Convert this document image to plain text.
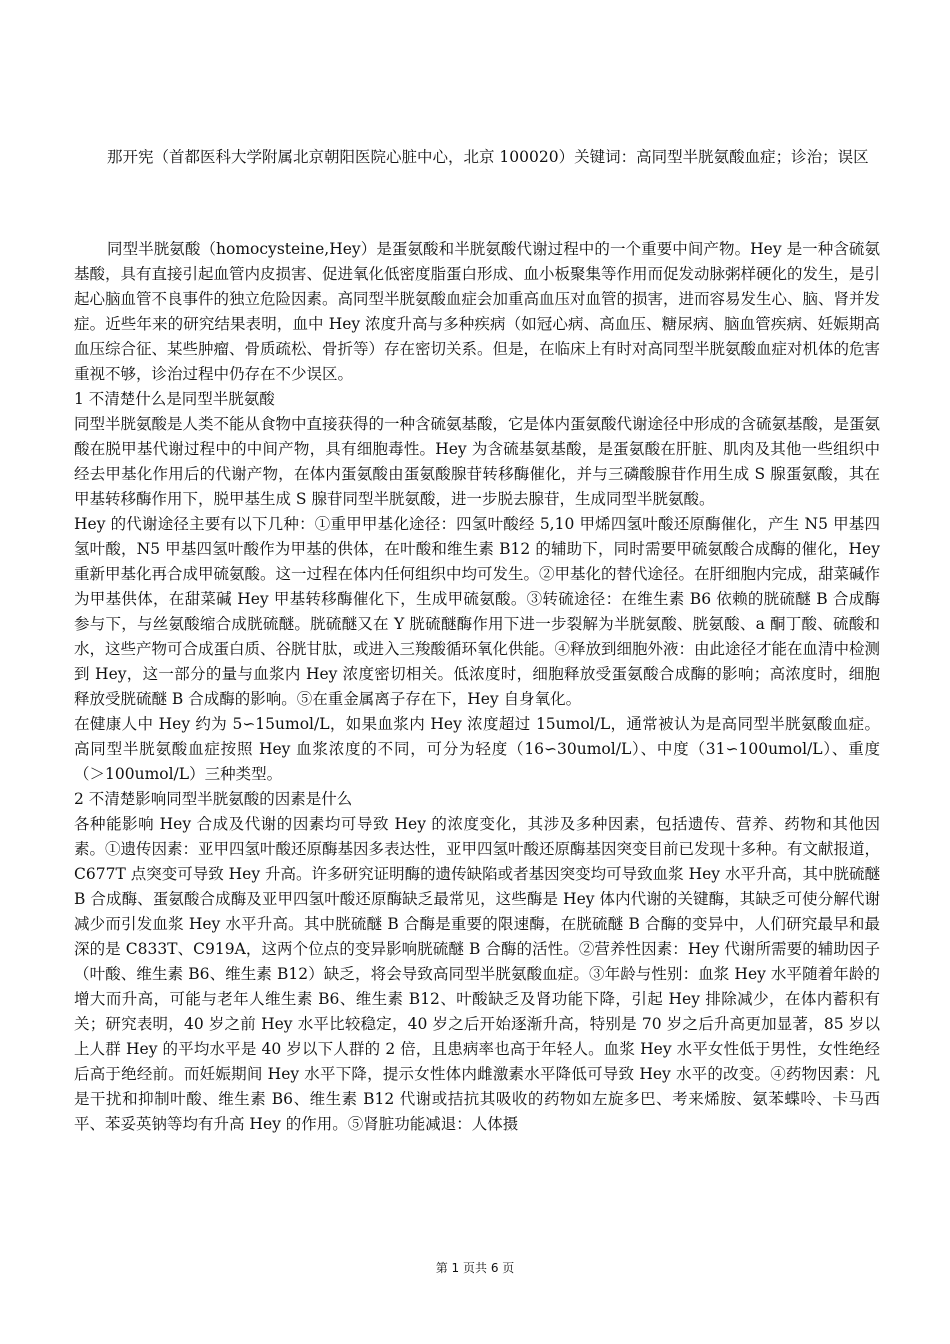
那开宪（首都医科大学附属北京朝阳医院心脏中心，北京 100020）关键词：高同型半胱氨酸血症；诊治；误区

同型半胱氨酸（homocysteine,Hey）是蛋氨酸和半胱氨酸代谢过程中的一个重要中间产物。Hey 是一种含硫氨基酸，具有直接引起血管内皮损害、促进氧化低密度脂蛋白形成、血小板聚集等作用而促发动脉粥样硬化的发生，是引起心脑血管不良事件的独立危险因素。高同型半胱氨酸血症会加重高血压对血管的损害，进而容易发生心、脑、肾并发症。近些年来的研究结果表明，血中 Hey 浓度升高与多种疾病（如冠心病、高血压、糖尿病、脑血管疾病、妊娠期高血压综合征、某些肿瘤、骨质疏松、骨折等）存在密切关系。但是，在临床上有时对高同型半胱氨酸血症对机体的危害重视不够，诊治过程中仍存在不少误区。

1 不清楚什么是同型半胱氨酸

同型半胱氨酸是人类不能从食物中直接获得的一种含硫氨基酸，它是体内蛋氨酸代谢途径中形成的含硫氨基酸，是蛋氨酸在脱甲基代谢过程中的中间产物，具有细胞毒性。Hey 为含硫基氨基酸，是蛋氨酸在肝脏、肌肉及其他一些组织中经去甲基化作用后的代谢产物，在体内蛋氨酸由蛋氨酸腺苷转移酶催化，并与三磷酸腺苷作用生成 S 腺蛋氨酸，其在甲基转移酶作用下，脱甲基生成 S 腺苷同型半胱氨酸，进一步脱去腺苷，生成同型半胱氨酸。

Hey 的代谢途径主要有以下几种：①重甲甲基化途径：四氢叶酸经 5,10 甲烯四氢叶酸还原酶催化，产生 N5 甲基四氢叶酸，N5 甲基四氢叶酸作为甲基的供体，在叶酸和维生素 B12 的辅助下，同时需要甲硫氨酸合成酶的催化，Hey 重新甲基化再合成甲硫氨酸。这一过程在体内任何组织中均可发生。②甲基化的替代途径。在肝细胞内完成，甜菜碱作为甲基供体，在甜菜碱 Hey 甲基转移酶催化下，生成甲硫氨酸。③转硫途径：在维生素 B6 依赖的胱硫醚 B 合成酶参与下，与丝氨酸缩合成胱硫醚。胱硫醚又在 Y 胱硫醚酶作用下进一步裂解为半胱氨酸、胱氨酸、a 酮丁酸、硫酸和水，这些产物可合成蛋白质、谷胱甘肽，或进入三羧酸循环氧化供能。④释放到细胞外液：由此途径才能在血清中检测到 Hey，这一部分的量与血浆内 Hey 浓度密切相关。低浓度时，细胞释放受蛋氨酸合成酶的影响；高浓度时，细胞释放受胱硫醚 B 合成酶的影响。⑤在重金属离子存在下，Hey 自身氧化。

在健康人中 Hey 约为 5∽15umol/L，如果血浆内 Hey 浓度超过 15umol/L，通常被认为是高同型半胱氨酸血症。高同型半胱氨酸血症按照 Hey 血浆浓度的不同，可分为轻度（16∽30umol/L）、中度（31∽100umol/L）、重度（＞100umol/L）三种类型。

2 不清楚影响同型半胱氨酸的因素是什么

各种能影响 Hey 合成及代谢的因素均可导致 Hey 的浓度变化，其涉及多种因素，包括遗传、营养、药物和其他因素。①遗传因素：亚甲四氢叶酸还原酶基因多表达性，亚甲四氢叶酸还原酶基因突变目前已发现十多种。有文献报道，C677T 点突变可导致 Hey 升高。许多研究证明酶的遗传缺陷或者基因突变均可导致血浆 Hey 水平升高，其中胱硫醚 B 合成酶、蛋氨酸合成酶及亚甲四氢叶酸还原酶缺乏最常见，这些酶是 Hey 体内代谢的关键酶，其缺乏可使分解代谢减少而引发血浆 Hey 水平升高。其中胱硫醚 B 合酶是重要的限速酶，在胱硫醚 B 合酶的变异中，人们研究最早和最深的是 C833T、C919A，这两个位点的变异影响胱硫醚 B 合酶的活性。②营养性因素：Hey 代谢所需要的辅助因子（叶酸、维生素 B6、维生素 B12）缺乏，将会导致高同型半胱氨酸血症。③年龄与性别：血浆 Hey 水平随着年龄的增大而升高，可能与老年人维生素 B6、维生素 B12、叶酸缺乏及肾功能下降，引起 Hey 排除减少，在体内蓄积有关；研究表明，40 岁之前 Hey 水平比较稳定，40 岁之后开始逐渐升高，特别是 70 岁之后升高更加显著，85 岁以上人群 Hey 的平均水平是 40 岁以下人群的 2 倍，且患病率也高于年轻人。血浆 Hey 水平女性低于男性，女性绝经后高于绝经前。而妊娠期间 Hey 水平下降，提示女性体内雌激素水平降低可导致 Hey 水平的改变。④药物因素：凡是干扰和抑制叶酸、维生素 B6、维生素 B12 代谢或拮抗其吸收的药物如左旋多巴、考来烯胺、氨苯蝶呤、卡马西平、苯妥英钠等均有升高 Hey 的作用。⑤肾脏功能减退：人体摄

第 1 页共 6 页
